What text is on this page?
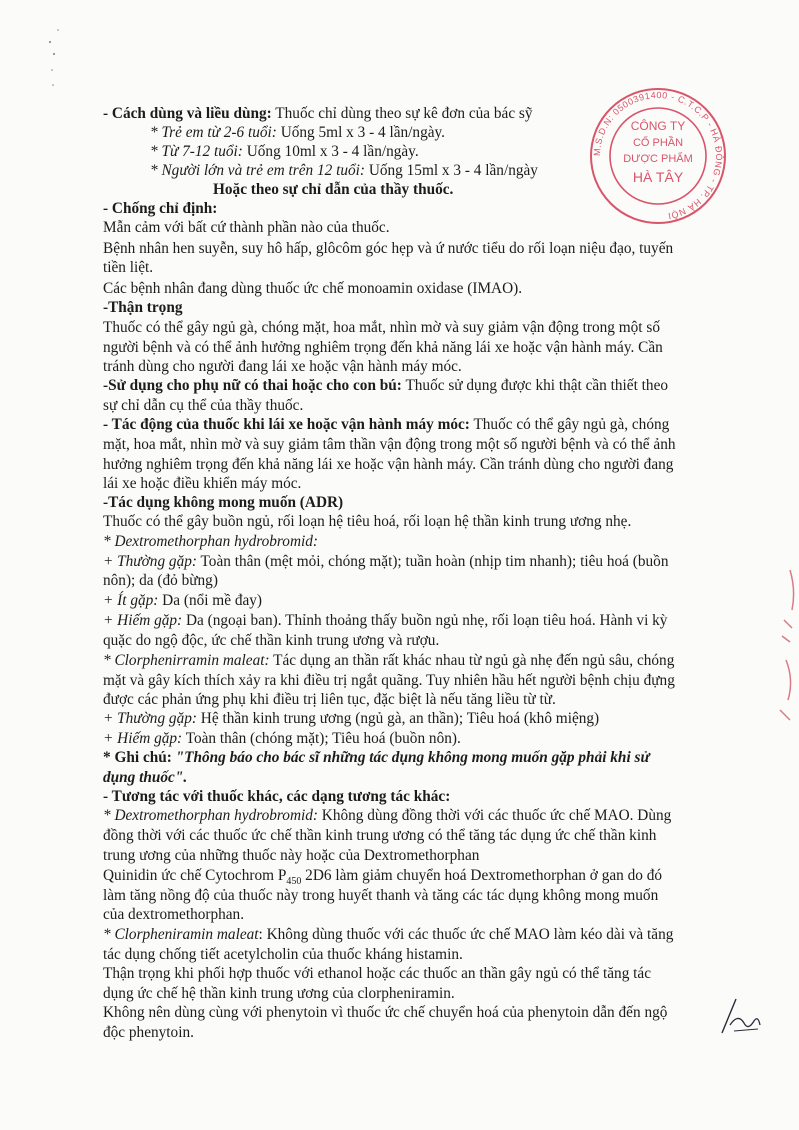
M.S.D.N: 0500391400 - C.T.C.P - HÀ ĐÔNG - TP. HÀ NỘI
CÔNG TY
CỔ PHẦN
DƯỢC PHẨM
HÀ TÂY
- Cách dùng và liều dùng: Thuốc chỉ dùng theo sự kê đơn của bác sỹ
* Trẻ em từ 2-6 tuổi: Uống 5ml x 3 - 4 lần/ngày.
* Từ 7-12 tuổi: Uống 10ml x 3 - 4 lần/ngày.
* Người lớn và trẻ em trên 12 tuổi: Uống 15ml x 3 - 4 lần/ngày
Hoặc theo sự chỉ dẫn của thầy thuốc.
- Chống chỉ định:
Mẫn cảm với bất cứ thành phần nào của thuốc.
Bệnh nhân hen suyễn, suy hô hấp, glôcôm góc hẹp và ứ nước tiểu do rối loạn niệu đạo, tuyến
tiền liệt.
Các bệnh nhân đang dùng thuốc ức chế monoamin oxidase (IMAO).
-Thận trọng
Thuốc có thể gây ngủ gà, chóng mặt, hoa mắt, nhìn mờ và suy giảm vận động trong một số
người bệnh và có thể ảnh hưởng nghiêm trọng đến khả năng lái xe hoặc vận hành máy. Cần
tránh dùng cho người đang lái xe hoặc vận hành máy móc.
-Sử dụng cho phụ nữ có thai hoặc cho con bú: Thuốc sử dụng được khi thật cần thiết theo
sự chỉ dẫn cụ thể của thầy thuốc.
- Tác động của thuốc khi lái xe hoặc vận hành máy móc: Thuốc có thể gây ngủ gà, chóng
mặt, hoa mắt, nhìn mờ và suy giảm tâm thần vận động trong một số người bệnh và có thể ảnh
hưởng nghiêm trọng đến khả năng lái xe hoặc vận hành máy. Cần tránh dùng cho người đang
lái xe hoặc điều khiển máy móc.
-Tác dụng không mong muốn (ADR)
Thuốc có thể gây buồn ngủ, rối loạn hệ tiêu hoá, rối loạn hệ thần kinh trung ương nhẹ.
* Dextromethorphan hydrobromid:
+ Thường gặp: Toàn thân (mệt mỏi, chóng mặt); tuần hoàn (nhịp tim nhanh); tiêu hoá (buồn
nôn); da (đỏ bừng)
+ Ít gặp: Da (nổi mề đay)
+ Hiếm gặp: Da (ngoại ban). Thỉnh thoảng thấy buồn ngủ nhẹ, rối loạn tiêu hoá. Hành vi kỳ
quặc do ngộ độc, ức chế thần kinh trung ương và rượu.
* Clorphenirramin maleat: Tác dụng an thần rất khác nhau từ ngủ gà nhẹ đến ngủ sâu, chóng
mặt và gây kích thích xảy ra khi điều trị ngắt quãng. Tuy nhiên hầu hết người bệnh chịu đựng
được các phản ứng phụ khi điều trị liên tục, đặc biệt là nếu tăng liều từ từ.
+ Thường gặp: Hệ thần kinh trung ương (ngủ gà, an thần); Tiêu hoá (khô miệng)
+ Hiếm gặp: Toàn thân (chóng mặt); Tiêu hoá (buồn nôn).
* Ghi chú: "Thông báo cho bác sĩ những tác dụng không mong muốn gặp phải khi sử
dụng thuốc".
- Tương tác với thuốc khác, các dạng tương tác khác:
* Dextromethorphan hydrobromid: Không dùng đồng thời với các thuốc ức chế MAO. Dùng
đồng thời với các thuốc ức chế thần kinh trung ương có thể tăng tác dụng ức chế thần kinh
trung ương của những thuốc này hoặc của Dextromethorphan
Quinidin ức chế Cytochrom $P_{450}$ 2D6 làm giảm chuyển hoá Dextromethorphan ở gan do đó
làm tăng nồng độ của thuốc này trong huyết thanh và tăng các tác dụng không mong muốn
của dextromethorphan.
* Clorpheniramin maleat: Không dùng thuốc với các thuốc ức chế MAO làm kéo dài và tăng
tác dụng chống tiết acetylcholin của thuốc kháng histamin.
Thận trọng khi phối hợp thuốc với ethanol hoặc các thuốc an thần gây ngủ có thể tăng tác
dụng ức chế hệ thần kinh trung ương của clorpheniramin.
Không nên dùng cùng với phenytoin vì thuốc ức chế chuyển hoá của phenytoin dẫn đến ngộ
độc phenytoin.
